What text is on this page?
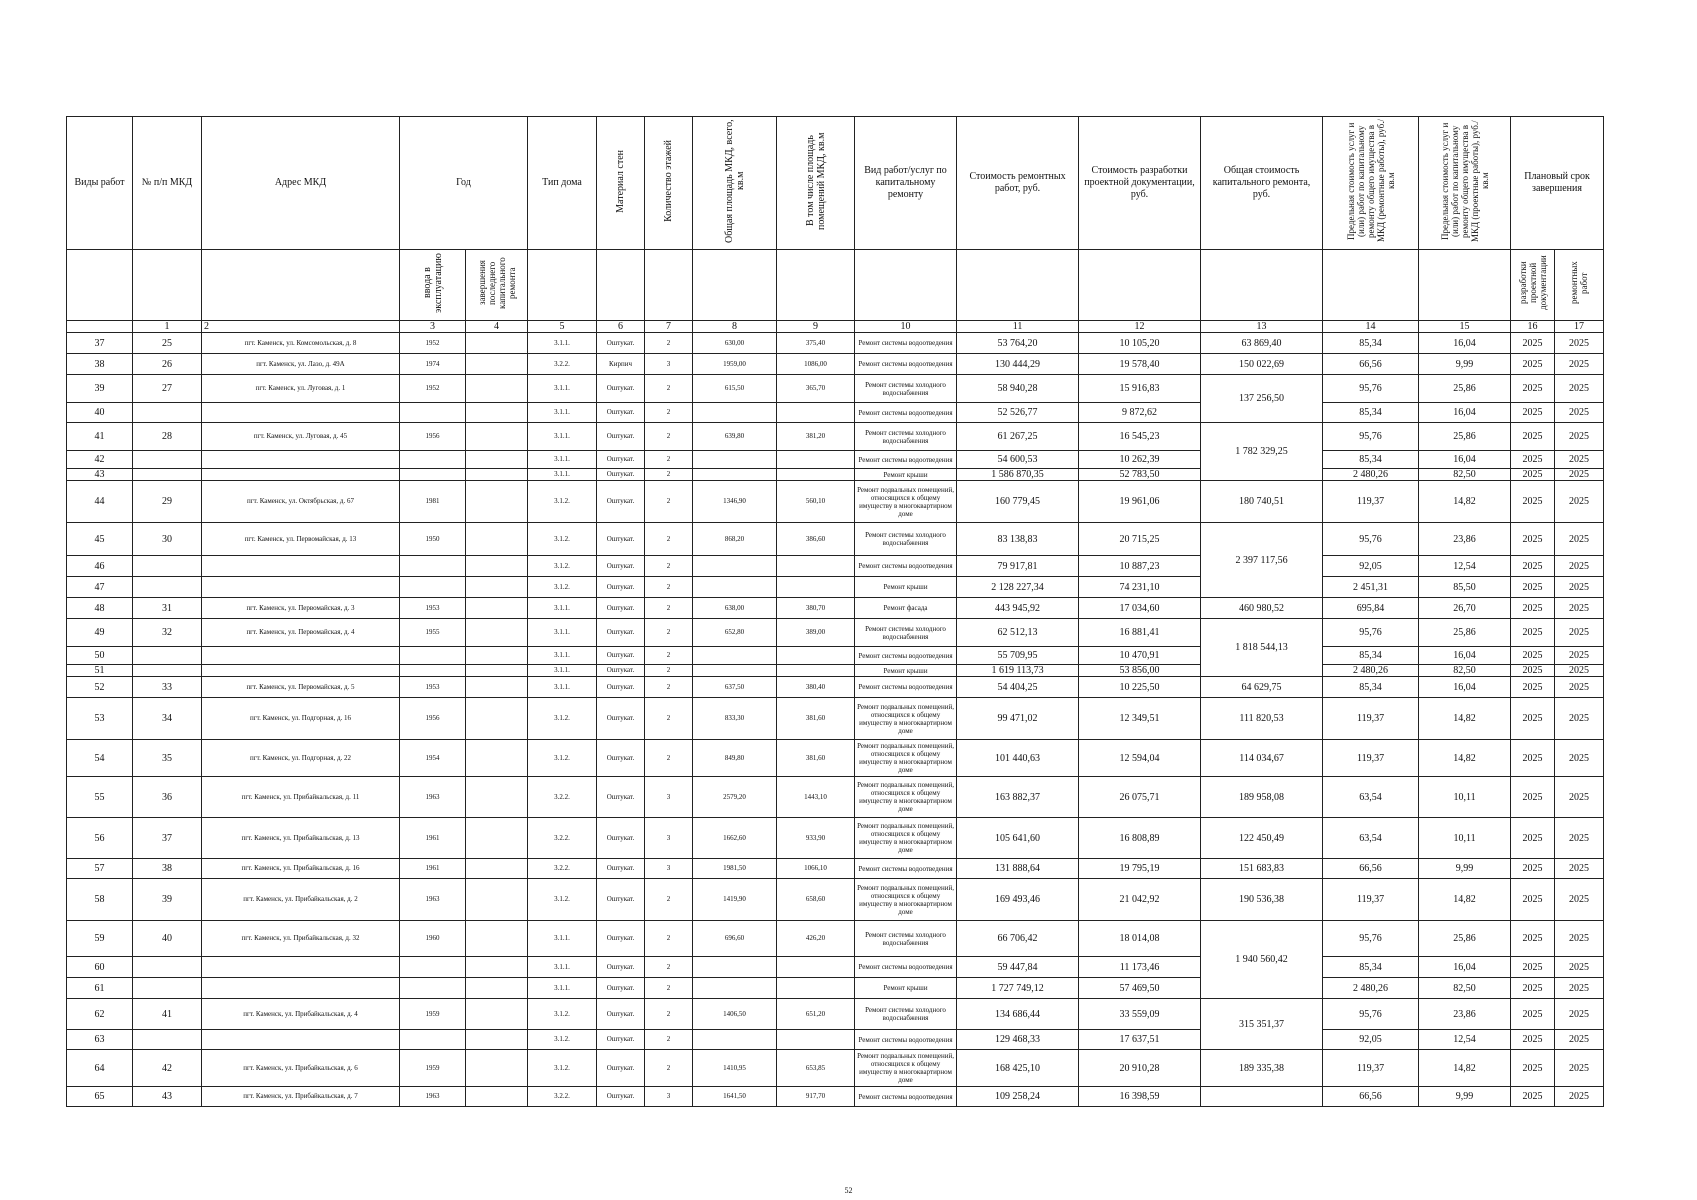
Виды работ	№ п/п МКД	Адрес МКД	Год		Тип дома	Материал стен	Количество этажей	Общая площадь МКД, всего, кв.м	В том числе площадь помещений МКД, кв.м	Вид работ/услуг по капитальному ремонту	Стоимость ремонтных работ, руб.	Стоимость разработки проектной документации, руб.	Общая стоимость капитального ремонта, руб.	Предельная стоимость услуг и (или) работ по капитальному ремонту общего имущества в МКД (ремонтные работы), руб./кв.м	Предельная стоимость услуг и (или) работ по капитальному ремонту общего имущества в МКД (проектные работы), руб./кв.м	Плановый срок завершения	
			ввода в эксплуатацию	завершения последнего капитального ремонта												разработки проектной документации	ремонтных работ
	1	2	3	4	5	6	7	8	9	10	11	12	13	14	15	16	17
37	25	пгт. Каменск, ул. Комсомольская, д. 8	1952		3.1.1.	Оштукат.	2	630,00	375,40	Ремонт системы водоотведения	53 764,20	10 105,20	63 869,40	85,34	16,04	2025	2025
38	26	пгт. Каменск, ул. Лазо, д. 49А	1974		3.2.2.	Кирпич	3	1959,00	1086,00	Ремонт системы водоотведения	130 444,29	19 578,40	150 022,69	66,56	9,99	2025	2025
39	27	пгт. Каменск, ул. Луговая, д. 1	1952		3.1.1.	Оштукат.	2	615,50	365,70	Ремонт системы холодного водоснабжения	58 940,28	15 916,83	137 256,50	95,76	25,86	2025	2025
40					3.1.1.	Оштукат.	2			Ремонт системы водоотведения	52 526,77	9 872,62		85,34	16,04	2025	2025
41	28	пгт. Каменск, ул. Луговая, д. 45	1956		3.1.1.	Оштукат.	2	639,80	381,20	Ремонт системы холодного водоснабжения	61 267,25	16 545,23	1 782 329,25	95,76	25,86	2025	2025
42					3.1.1.	Оштукат.	2			Ремонт системы водоотведения	54 600,53	10 262,39		85,34	16,04	2025	2025
43					3.1.1.	Оштукат.	2			Ремонт крыши	1 586 870,35	52 783,50		2 480,26	82,50	2025	2025
44	29	пгт. Каменск, ул. Октябрьская, д. 67	1981		3.1.2.	Оштукат.	2	1346,90	560,10	Ремонт подвальных помещений, относящихся к общему имуществу в многоквартирном доме	160 779,45	19 961,06	180 740,51	119,37	14,82	2025	2025
45	30	пгт. Каменск, ул. Первомайская, д. 13	1950		3.1.2.	Оштукат.	2	868,20	386,60	Ремонт системы холодного водоснабжения	83 138,83	20 715,25	2 397 117,56	95,76	23,86	2025	2025
46					3.1.2.	Оштукат.	2			Ремонт системы водоотведения	79 917,81	10 887,23		92,05	12,54	2025	2025
47					3.1.2.	Оштукат.	2			Ремонт крыши	2 128 227,34	74 231,10		2 451,31	85,50	2025	2025
48	31	пгт. Каменск, ул. Первомайская, д. 3	1953		3.1.1.	Оштукат.	2	638,00	380,70	Ремонт фасада	443 945,92	17 034,60	460 980,52	695,84	26,70	2025	2025
49	32	пгт. Каменск, ул. Первомайская, д. 4	1955		3.1.1.	Оштукат.	2	652,80	389,00	Ремонт системы холодного водоснабжения	62 512,13	16 881,41	1 818 544,13	95,76	25,86	2025	2025
50					3.1.1.	Оштукат.	2			Ремонт системы водоотведения	55 709,95	10 470,91		85,34	16,04	2025	2025
51					3.1.1.	Оштукат.	2			Ремонт крыши	1 619 113,73	53 856,00		2 480,26	82,50	2025	2025
52	33	пгт. Каменск, ул. Первомайская, д. 5	1953		3.1.1.	Оштукат.	2	637,50	380,40	Ремонт системы водоотведения	54 404,25	10 225,50	64 629,75	85,34	16,04	2025	2025
53	34	пгт. Каменск, ул. Подгорная, д. 16	1956		3.1.2.	Оштукат.	2	833,30	381,60	Ремонт подвальных помещений, относящихся к общему имуществу в многоквартирном доме	99 471,02	12 349,51	111 820,53	119,37	14,82	2025	2025
54	35	пгт. Каменск, ул. Подгорная, д. 22	1954		3.1.2.	Оштукат.	2	849,80	381,60	Ремонт подвальных помещений, относящихся к общему имуществу в многоквартирном доме	101 440,63	12 594,04	114 034,67	119,37	14,82	2025	2025
55	36	пгт. Каменск, ул. Прибайкальская, д. 11	1963		3.2.2.	Оштукат.	3	2579,20	1443,10	Ремонт подвальных помещений, относящихся к общему имуществу в многоквартирном доме	163 882,37	26 075,71	189 958,08	63,54	10,11	2025	2025
56	37	пгт. Каменск, ул. Прибайкальская, д. 13	1961		3.2.2.	Оштукат.	3	1662,60	933,90	Ремонт подвальных помещений, относящихся к общему имуществу в многоквартирном доме	105 641,60	16 808,89	122 450,49	63,54	10,11	2025	2025
57	38	пгт. Каменск, ул. Прибайкальская, д. 16	1961		3.2.2.	Оштукат.	3	1981,50	1066,10	Ремонт системы водоотведения	131 888,64	19 795,19	151 683,83	66,56	9,99	2025	2025
58	39	пгт. Каменск, ул. Прибайкальская, д. 2	1963		3.1.2.	Оштукат.	2	1419,90	658,60	Ремонт подвальных помещений, относящихся к общему имуществу в многоквартирном доме	169 493,46	21 042,92	190 536,38	119,37	14,82	2025	2025
59	40	пгт. Каменск, ул. Прибайкальская, д. 32	1960		3.1.1.	Оштукат.	2	696,60	426,20	Ремонт системы холодного водоснабжения	66 706,42	18 014,08	1 940 560,42	95,76	25,86	2025	2025
60					3.1.1.	Оштукат.	2			Ремонт системы водоотведения	59 447,84	11 173,46		85,34	16,04	2025	2025
61					3.1.1.	Оштукат.	2			Ремонт крыши	1 727 749,12	57 469,50		2 480,26	82,50	2025	2025
62	41	пгт. Каменск, ул. Прибайкальская, д. 4	1959		3.1.2.	Оштукат.	2	1406,50	651,20	Ремонт системы холодного водоснабжения	134 686,44	33 559,09	315 351,37	95,76	23,86	2025	2025
63					3.1.2.	Оштукат.	2			Ремонт системы водоотведения	129 468,33	17 637,51		92,05	12,54	2025	2025
64	42	пгт. Каменск, ул. Прибайкальская, д. 6	1959		3.1.2.	Оштукат.	2	1410,95	653,85	Ремонт подвальных помещений, относящихся к общему имуществу в многоквартирном доме	168 425,10	20 910,28	189 335,38	119,37	14,82	2025	2025
65	43	пгт. Каменск, ул. Прибайкальская, д. 7	1963		3.2.2.	Оштукат.	3	1641,50	917,70	Ремонт системы водоотведения	109 258,24	16 398,59		66,56	9,99	2025	2025
52
